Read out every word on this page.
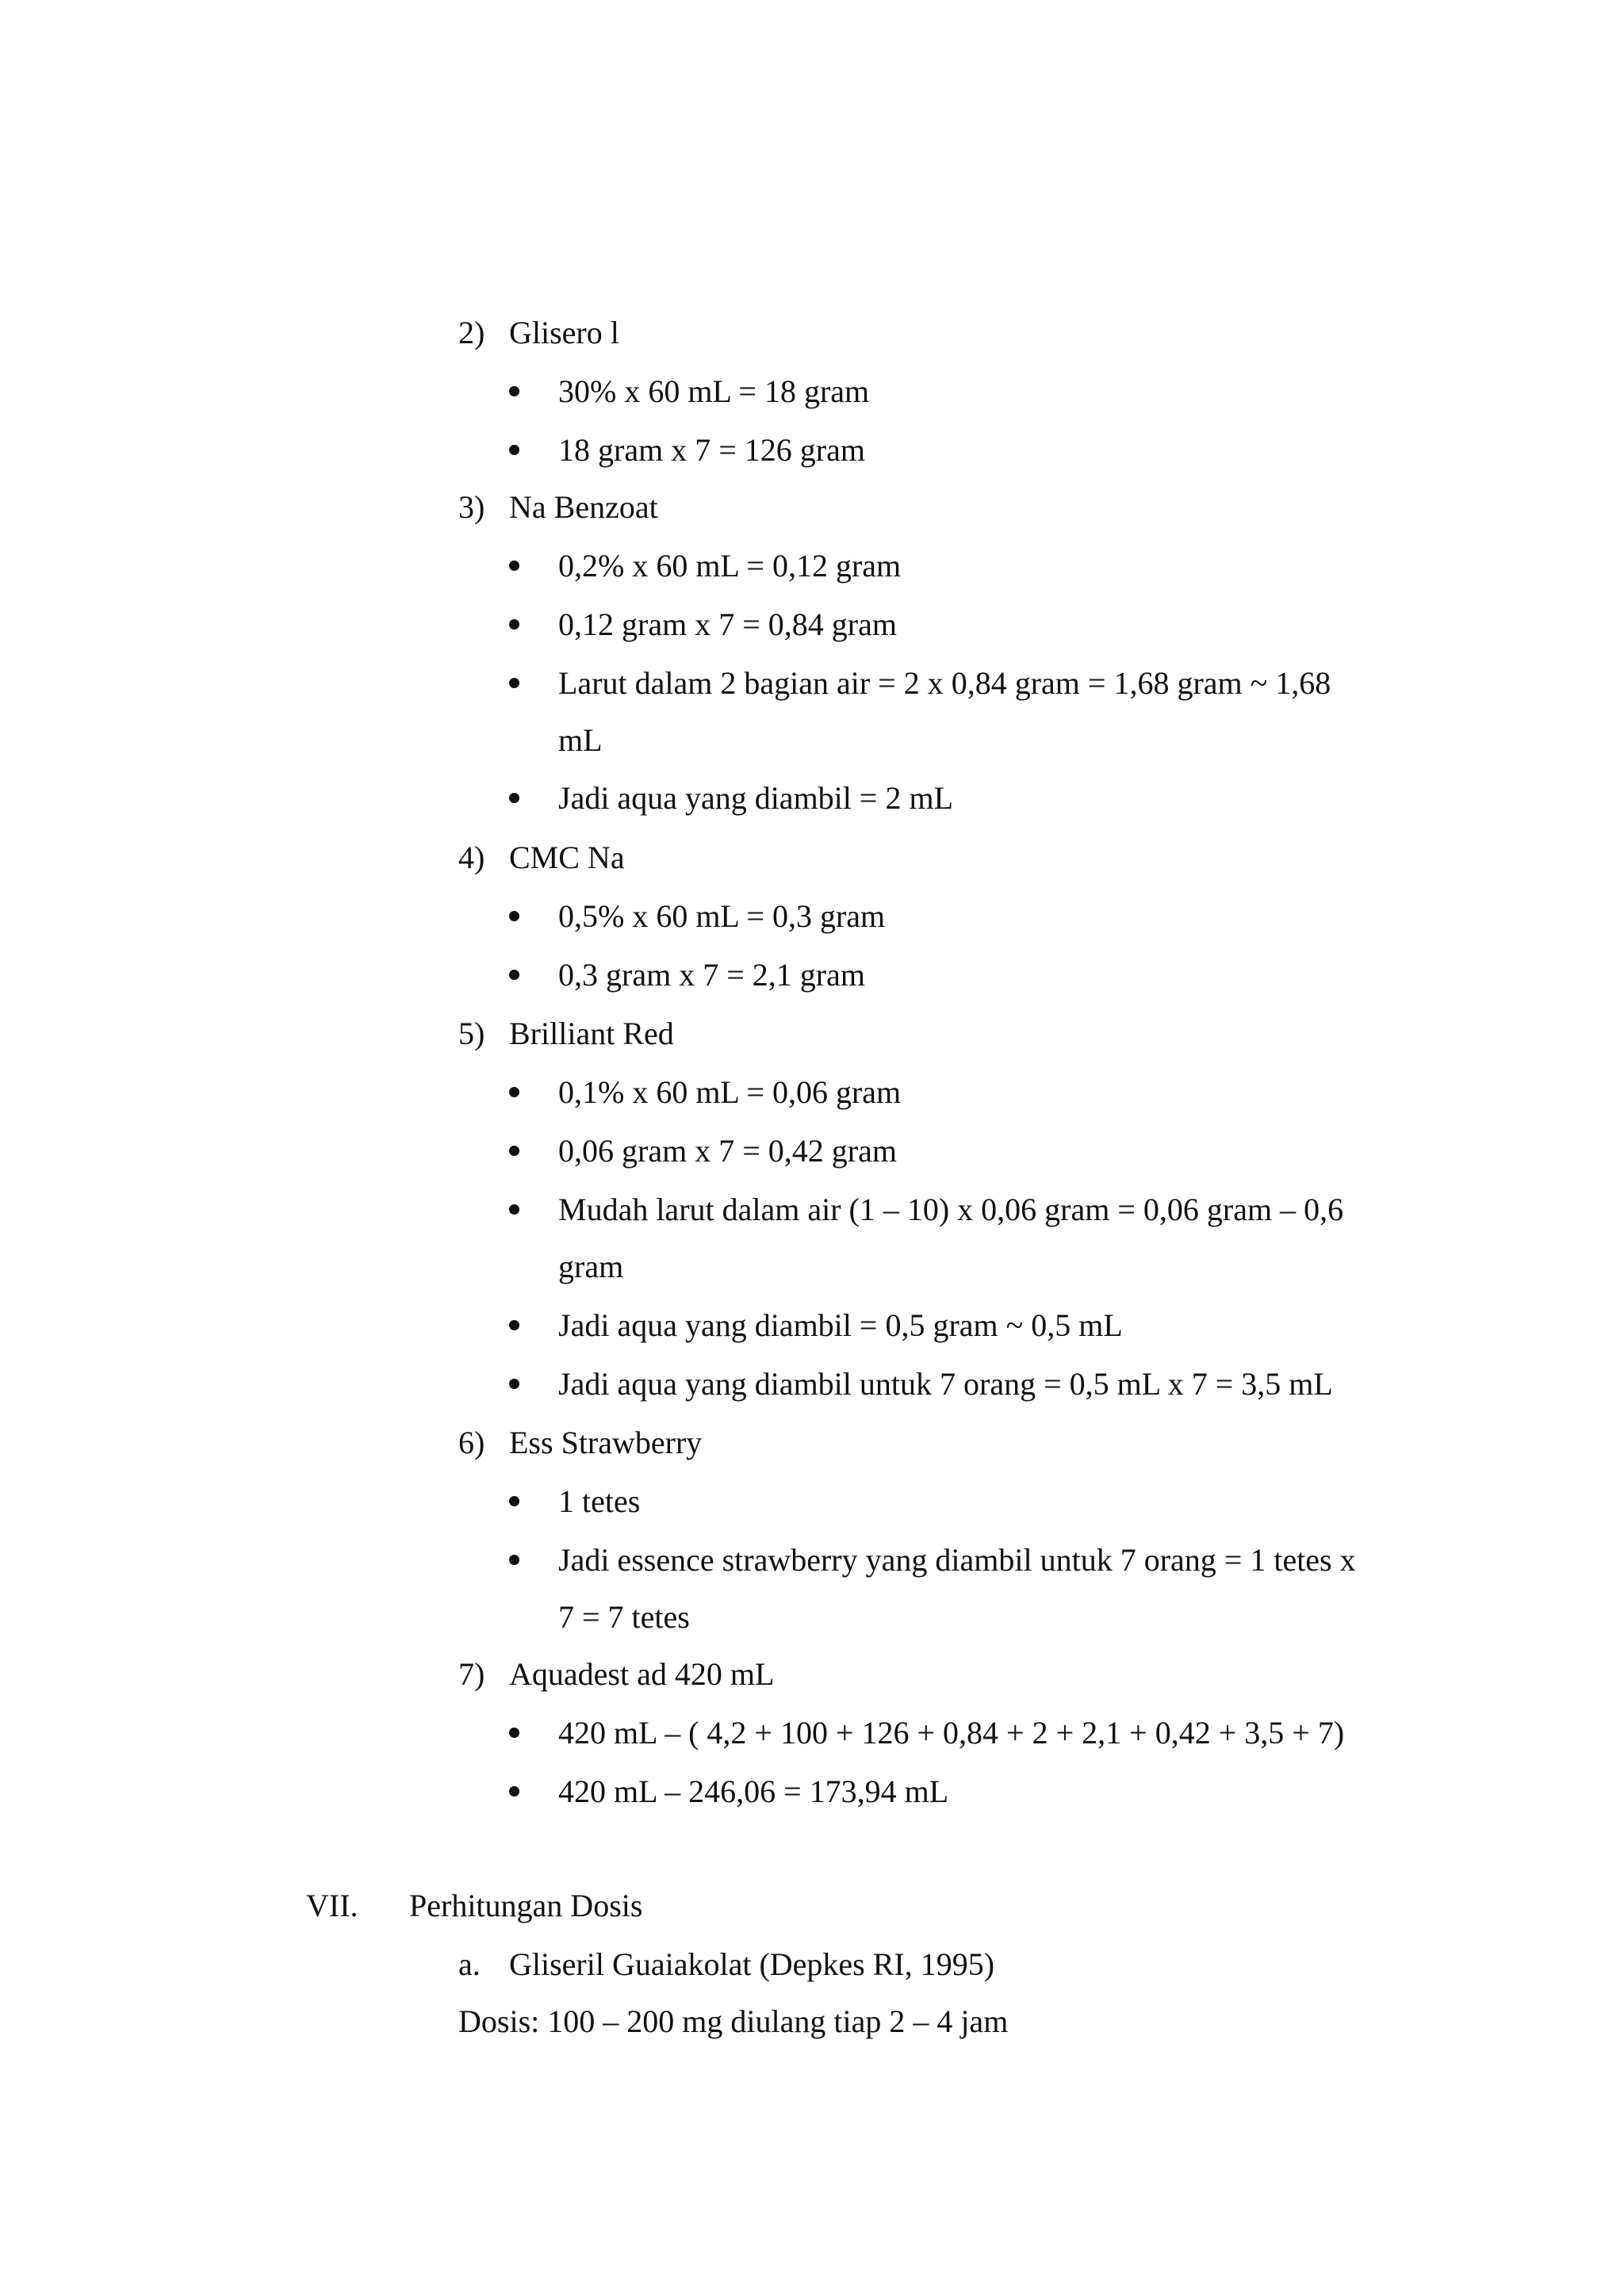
2) Glisero l
30% x 60 mL = 18 gram
18 gram x 7 = 126 gram
3) Na Benzoat
0,2% x 60 mL = 0,12 gram
0,12 gram x 7 = 0,84 gram
Larut dalam 2 bagian air = 2 x 0,84 gram = 1,68 gram ~ 1,68
mL
Jadi aqua yang diambil = 2 mL
4) CMC Na
0,5% x 60 mL = 0,3 gram
0,3 gram x 7 = 2,1 gram
5) Brilliant Red
0,1% x 60 mL = 0,06 gram
0,06 gram x 7 = 0,42 gram
Mudah larut dalam air (1 – 10) x 0,06 gram = 0,06 gram – 0,6
gram
Jadi aqua yang diambil = 0,5 gram ~ 0,5 mL
Jadi aqua yang diambil untuk 7 orang = 0,5 mL x 7 = 3,5 mL
6) Ess Strawberry
1 tetes
Jadi essence strawberry yang diambil untuk 7 orang = 1 tetes x
7 = 7 tetes
7) Aquadest ad 420 mL
420 mL – ( 4,2 + 100 + 126 + 0,84 + 2 + 2,1 + 0,42 + 3,5 + 7)
420 mL – 246,06 = 173,94 mL
VII. Perhitungan Dosis
a. Gliseril Guaiakolat (Depkes RI, 1995)
Dosis: 100 – 200 mg diulang tiap 2 – 4 jam
